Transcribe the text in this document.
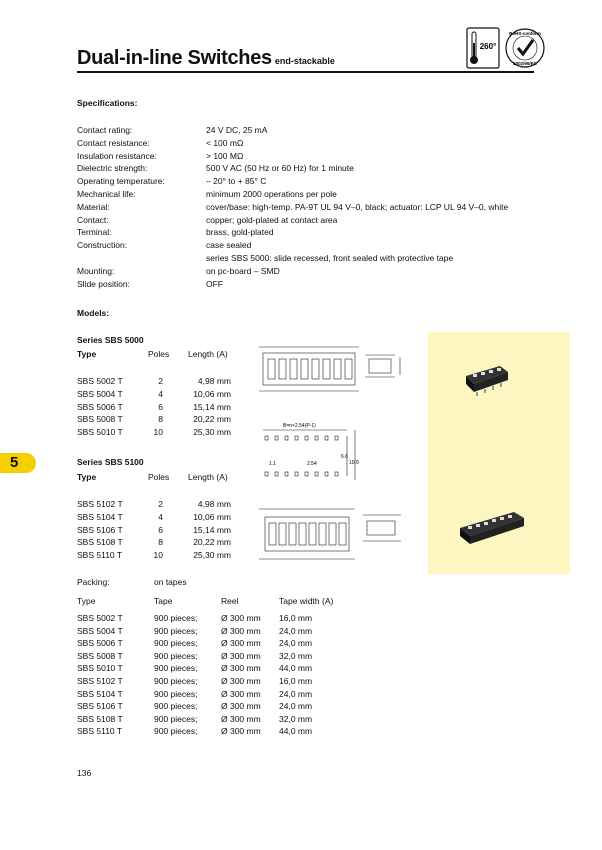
Dual-in-line Switches end-stackable
260°
RoHS-conform
2002/95/EC
Specifications:
Contact rating:	24 V DC, 25 mA
Contact resistance:	< 100 mΩ
Insulation resistance:	> 100 MΩ
Dielectric strength:	500 V AC (50 Hz or 60 Hz) for 1 minute
Operating temperature:	– 20° to + 85° C
Mechanical life:	minimum 2000 operations per pole
Material:	cover/base: high-temp. PA-9T UL 94 V–0, black; actuator: LCP UL 94 V–0, white
Contact:	copper; gold-plated at contact area
Terminal:	brass, gold-plated
Construction:	case sealed
series SBS 5000: slide recessed, front sealed with protective tape
Mounting:	on pc-board – SMD
Slide position:	OFF
Models:
Series SBS 5000
Type	Poles Length (A)
SBS 5002 T	2	4,98 mm
SBS 5004 T	4	10,06 mm
SBS 5006 T	6	15,14 mm
SBS 5008 T	8	20,22 mm
SBS 5010 T	10	25,30 mm
Series SBS 5100
Type	Poles Length (A)
SBS 5102 T	2	4,98 mm
SBS 5104 T	4	10,06 mm
SBS 5106 T	6	15,14 mm
SBS 5108 T	8	20,22 mm
SBS 5110 T	10	25,30 mm
5
B=n×2.54(P-1)
1.1	2.54
6.6
10.9
Packing:	on tapes
Type	Tape	Reel	Tape width (A)
SBS 5002 T	900 pieces;	Ø 300 mm 16,0 mm
SBS 5004 T	900 pieces;	Ø 300 mm 24,0 mm
SBS 5006 T	900 pieces;	Ø 300 mm 24,0 mm
SBS 5008 T	900 pieces;	Ø 300 mm 32,0 mm
SBS 5010 T	900 pieces;	Ø 300 mm 44,0 mm
SBS 5102 T	900 pieces;	Ø 300 mm 16,0 mm
SBS 5104 T	900 pieces;	Ø 300 mm 24,0 mm
SBS 5106 T	900 pieces;	Ø 300 mm 24,0 mm
SBS 5108 T	900 pieces;	Ø 300 mm 32,0 mm
SBS 5110 T	900 pieces;	Ø 300 mm 44,0 mm
136
